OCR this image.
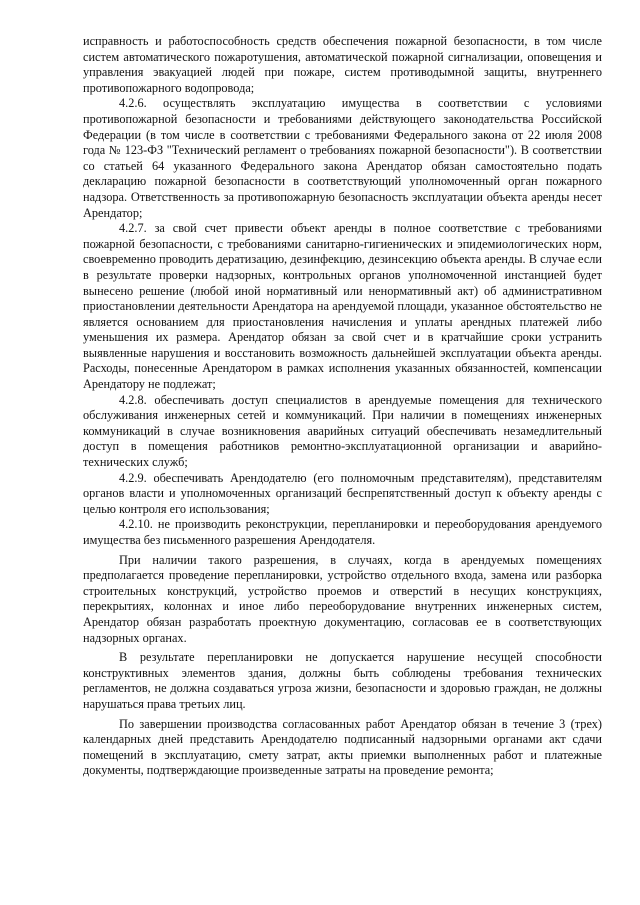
исправность и работоспособность средств обеспечения пожарной безопасности, в том числе систем автоматического пожаротушения, автоматической пожарной сигнализации, оповещения и управления эвакуацией людей при пожаре, систем противодымной защиты, внутреннего противопожарного водопровода;

4.2.6. осуществлять эксплуатацию имущества в соответствии с условиями противопожарной безопасности и требованиями действующего законодательства Российской Федерации (в том числе в соответствии с требованиями Федерального закона от 22 июля 2008 года № 123-ФЗ "Технический регламент о требованиях пожарной безопасности"). В соответствии со статьей 64 указанного Федерального закона Арендатор обязан самостоятельно подать декларацию пожарной безопасности в соответствующий уполномоченный орган пожарного надзора. Ответственность за противопожарную безопасность эксплуатации объекта аренды несет Арендатор;

4.2.7. за свой счет привести объект аренды в полное соответствие с требованиями пожарной безопасности, с требованиями санитарно-гигиенических и эпидемиологических норм, своевременно проводить дератизацию, дезинфекцию, дезинсекцию объекта аренды. В случае если в результате проверки надзорных, контрольных органов уполномоченной инстанцией будет вынесено решение (любой иной нормативный или ненормативный акт) об административном приостановлении деятельности Арендатора на арендуемой площади, указанное обстоятельство не является основанием для приостановления начисления и уплаты арендных платежей либо уменьшения их размера. Арендатор обязан за свой счет и в кратчайшие сроки устранить выявленные нарушения и восстановить возможность дальнейшей эксплуатации объекта аренды. Расходы, понесенные Арендатором в рамках исполнения указанных обязанностей, компенсации Арендатору не подлежат;

4.2.8. обеспечивать доступ специалистов в арендуемые помещения для технического обслуживания инженерных сетей и коммуникаций. При наличии в помещениях инженерных коммуникаций в случае возникновения аварийных ситуаций обеспечивать незамедлительный доступ в помещения работников ремонтно-эксплуатационной организации и аварийно-технических служб;

4.2.9. обеспечивать Арендодателю (его полномочным представителям), представителям органов власти и уполномоченных организаций беспрепятственный доступ к объекту аренды с целью контроля его использования;

4.2.10. не производить реконструкции, перепланировки и переоборудования арендуемого имущества без письменного разрешения Арендодателя.

При наличии такого разрешения, в случаях, когда в арендуемых помещениях предполагается проведение перепланировки, устройство отдельного входа, замена или разборка строительных конструкций, устройство проемов и отверстий в несущих конструкциях, перекрытиях, колоннах и иное либо переоборудование внутренних инженерных систем, Арендатор обязан разработать проектную документацию, согласовав ее в соответствующих надзорных органах.

В результате перепланировки не допускается нарушение несущей способности конструктивных элементов здания, должны быть соблюдены требования технических регламентов, не должна создаваться угроза жизни, безопасности и здоровью граждан, не должны нарушаться права третьих лиц.

По завершении производства согласованных работ Арендатор обязан в течение 3 (трех) календарных дней представить Арендодателю подписанный надзорными органами акт сдачи помещений в эксплуатацию, смету затрат, акты приемки выполненных работ и платежные документы, подтверждающие произведенные затраты на проведение ремонта;
